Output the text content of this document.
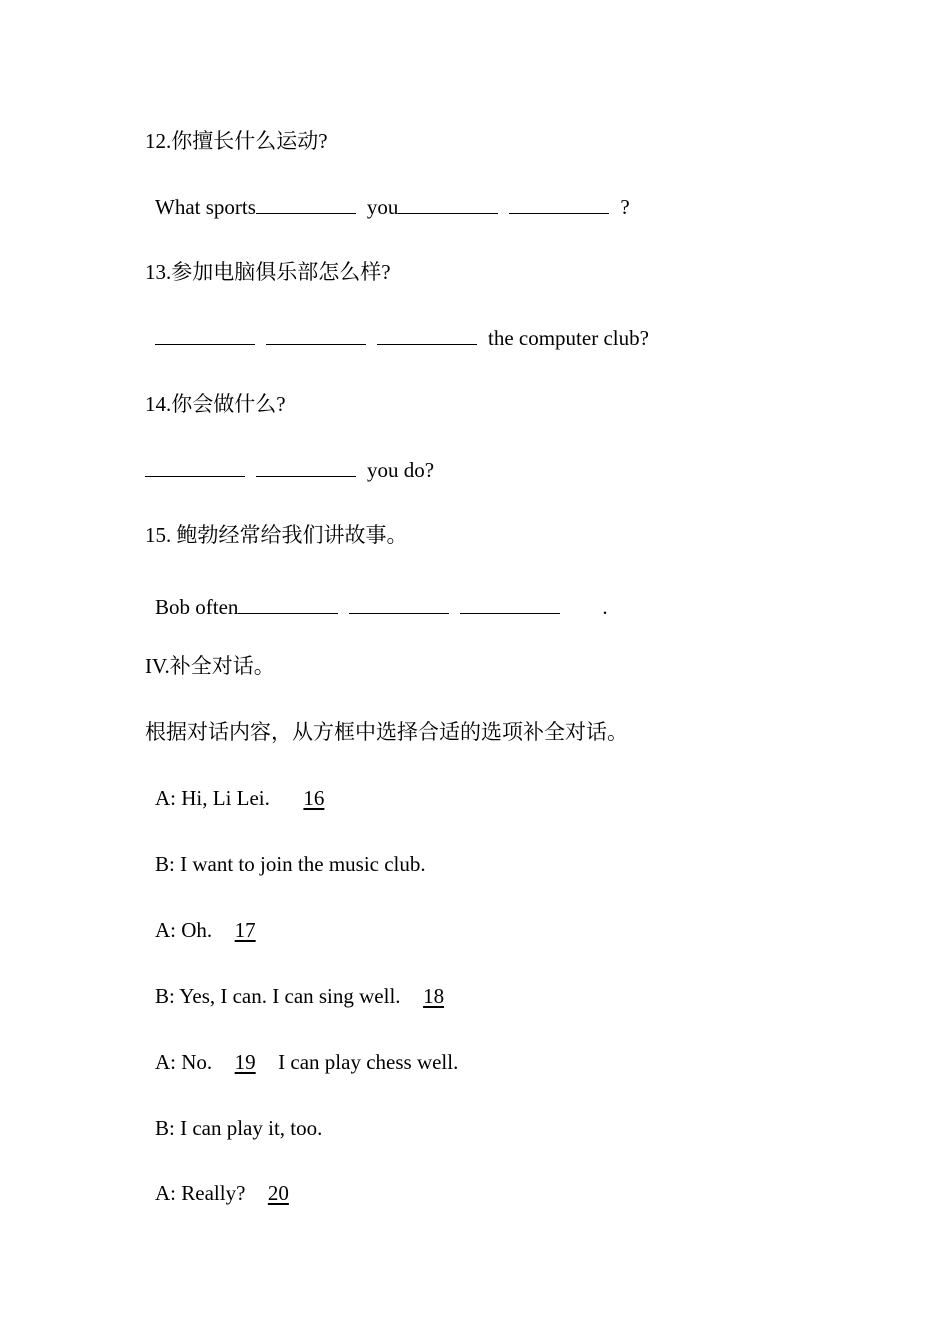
12.你擅长什么运动?
What sports	you	?
13.参加电脑俱乐部怎么样?
the computer club?
14.你会做什么?
you do?
15. 鲍勃经常给我们讲故事。
Bob often	.
IV.补全对话。
根据对话内容，从方框中选择合适的选项补全对话。
A: Hi, Li Lei. 16
B: I want to join the music club.
A: Oh. 17
B: Yes, I can. I can sing well. 18
A: No. 19 I can play chess well.
B: I can play it, too.
A: Really? 20
